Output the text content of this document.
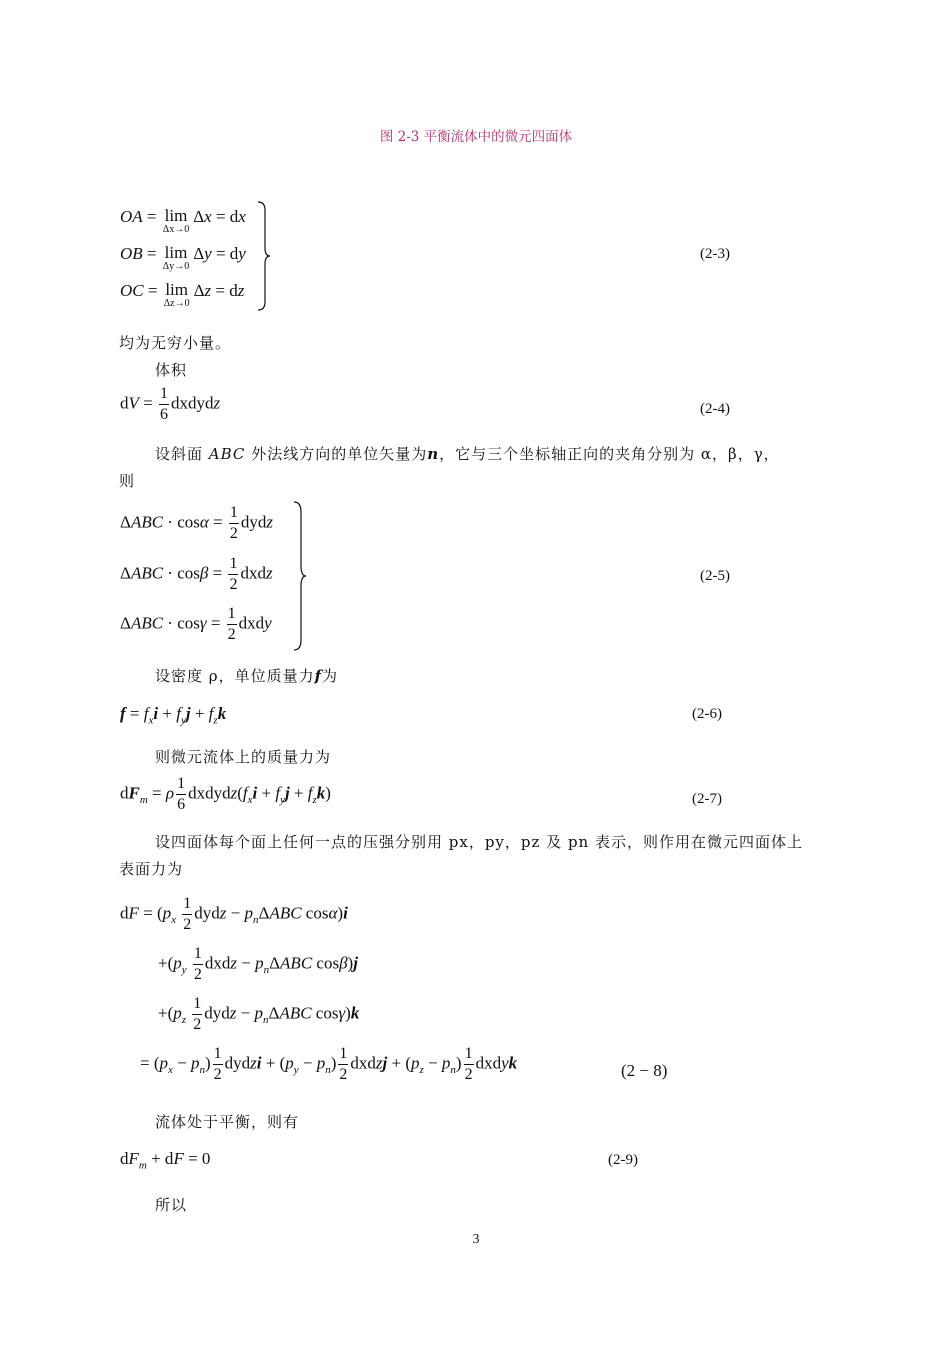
图 2-3 平衡流体中的微元四面体
OA = lim
Δx→0
Δx = dx
OB = lim
Δy→0
Δy = dy
OC = lim
Δz→0
Δz = dz
(2-3)
均为无穷小量。
体积
dV = $\frac{1}{6}$ dxdydz	(2-4)
设斜面 ABC 外法线方向的单位矢量为n，它与三个坐标轴正向的夹角分别为 α，β，γ，
则
$\Delta ABC \cdot \cos\alpha = \frac{1}{2}$ dydz
$\Delta ABC \cdot \cos\beta = \frac{1}{2}$ dxdz
$\Delta ABC \cdot \cos\gamma = \frac{1}{2}$ dxdy
(2-5)
设密度 ρ，单位质量力f为
$f = f_xi + f_yj + f_zk$	(2-6)
则微元流体上的质量力为
$dF_m = \rho \frac{1}{6}$ $dxdydz(f_xi + f_yj + f_zk)$	(2-7)
设四面体每个面上任何一点的压强分别用 px，py，pz 及 pn 表示，则作用在微元四面体上
表面力为
dF = ($p_x \frac{1}{2}$ dydz − $p_n\Delta ABC$ cosα)i
$+(p_y \frac{1}{2}$ dxdz − $p_n\Delta ABC$ cosβ)j
$+(p_z \frac{1}{2}$ dydz − $p_n\Delta ABC$ cosγ)k
= $(p_x - p_n) \frac{1}{2}$ dydzi + $(p_y - p_n) \frac{1}{2}$ dxdzj + $(p_z - p_n) \frac{1}{2}$ dxdyk	(2 − 8)
流体处于平衡，则有
$dF_m$ + dF = 0	(2-9)
所以
3
